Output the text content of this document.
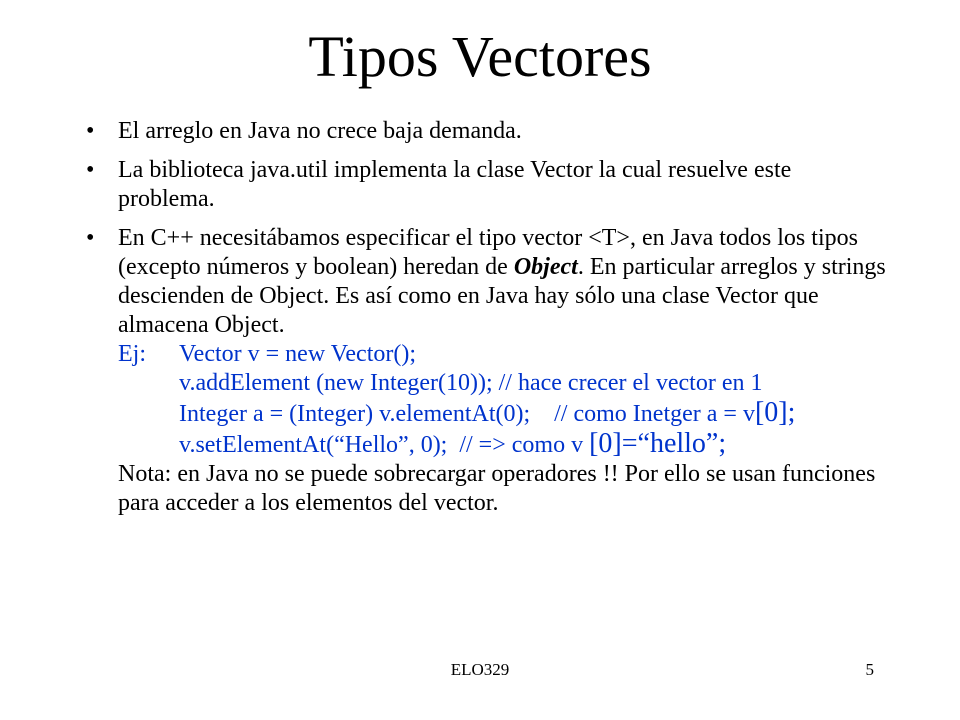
Tipos Vectores
• El arreglo en Java no crece baja demanda.
• La biblioteca java.util implementa la clase Vector la cual resuelve este problema.
• En C++ necesitábamos especificar el tipo vector <T>, en Java todos los tipos (excepto números y boolean) heredan de Object. En particular arreglos y strings descienden de Object. Es así como en Java hay sólo una clase Vector que almacena Object.
Ej:	Vector v = new Vector();
v.addElement (new Integer(10)); // hace crecer el vector en 1
Integer a = (Integer) v.elementAt(0);    // como Inetger a = v[0];
v.setElementAt(“Hello”, 0);  // => como v [0]=“hello”;
Nota: en Java no se puede sobrecargar operadores !! Por ello se usan funciones para acceder a los elementos del vector.
ELO329	5
